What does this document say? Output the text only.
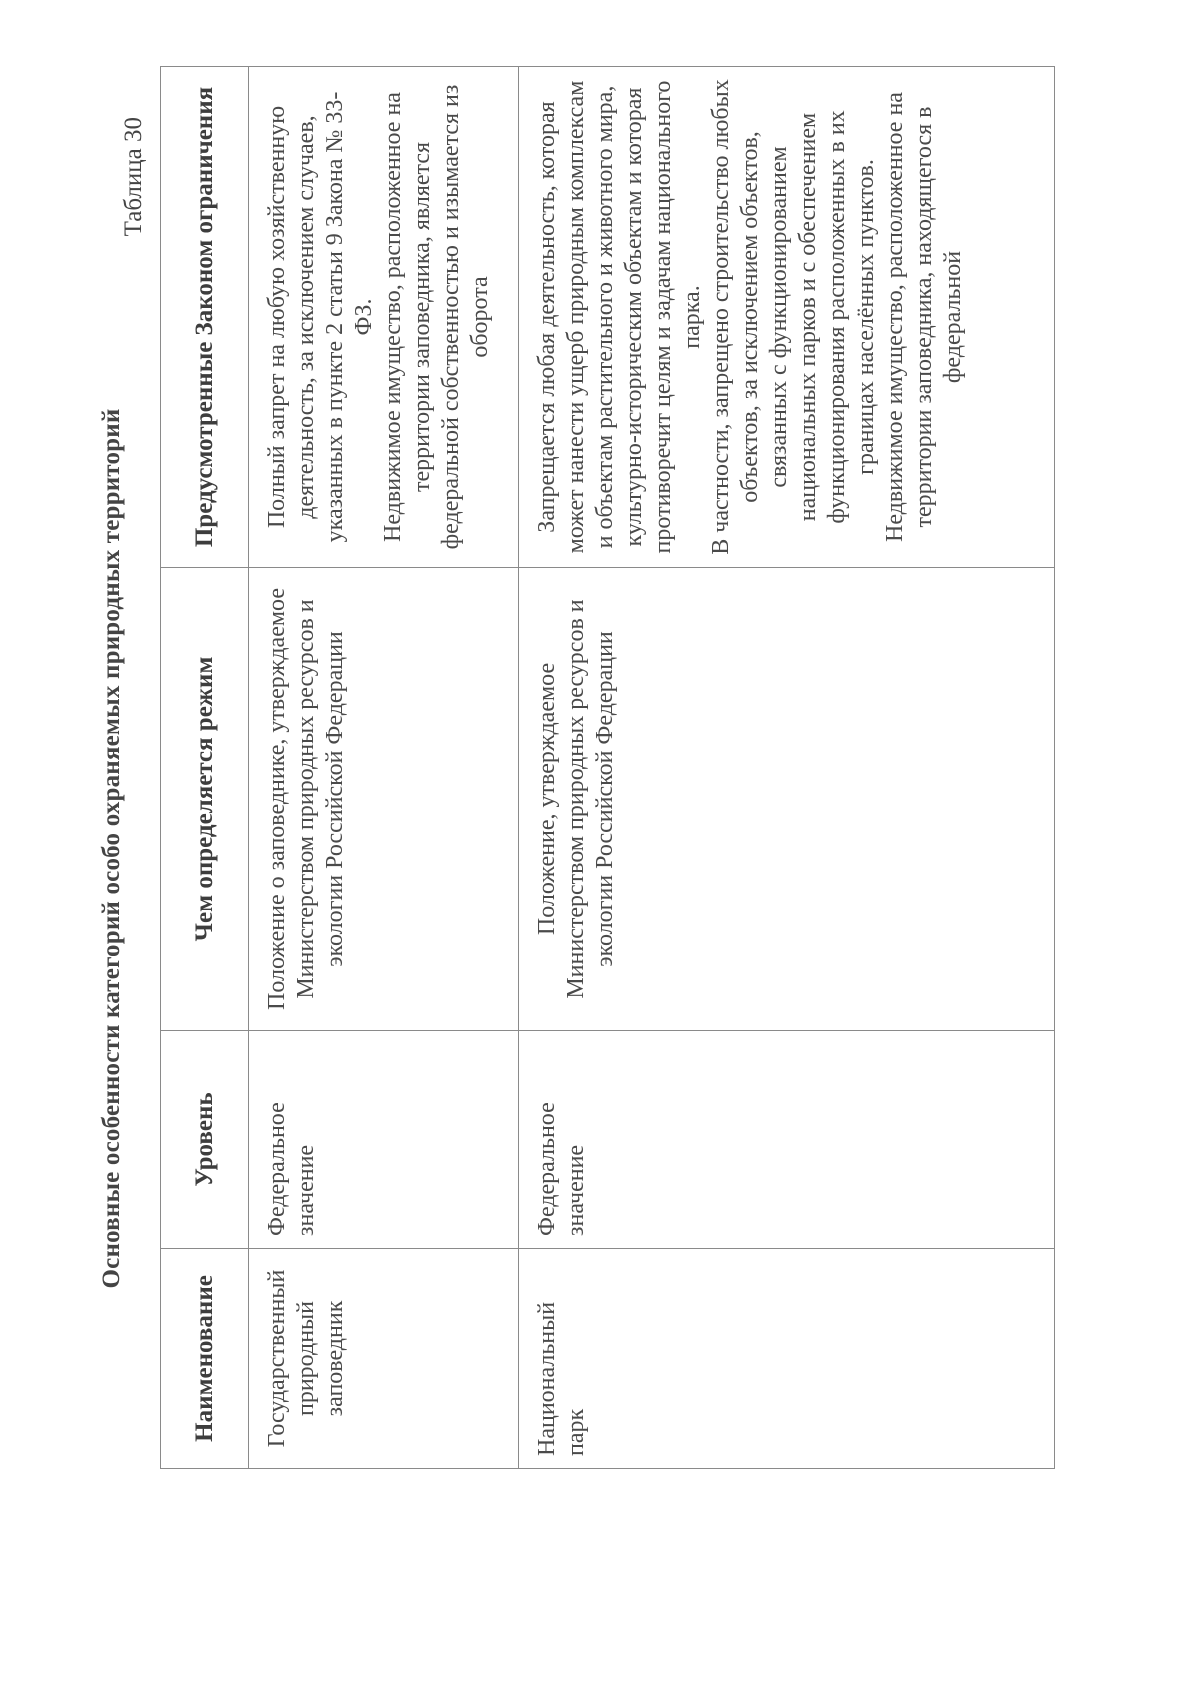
Основные особенности категорий особо охраняемых природных территорий
Таблица 30
Наименование	Уровень	Чем определяется режим	Предусмотренные Законом ограничения
Государственный природный заповедник	Федеральное значение	Положение о заповеднике, утверждаемое Министерством природных ресурсов и экологии Российской Федерации	Полный запрет на любую хозяйственную деятельность, за исключением случаев, указанных в пункте 2 статьи 9 Закона № 33-ФЗ. Недвижимое имущество, расположенное на территории заповедника, является федеральной собственностью и изымается из оборота

Национальный парк	Федеральное значение	Положение, утверждаемое Министерством природных ресурсов и экологии Российской Федерации	Запрещается любая деятельность, которая может нанести ущерб природным комплексам и объектам растительного и животного мира, культурно-историческим объектам и которая противоречит целям и задачам национального парка. В частности, запрещено строительство любых объектов, за исключением объектов, связанных с функционированием национальных парков и с обеспечением функционирования расположенных в их границах населённых пунктов. Недвижимое имущество, расположенное на территории заповедника, находящегося в федеральной
